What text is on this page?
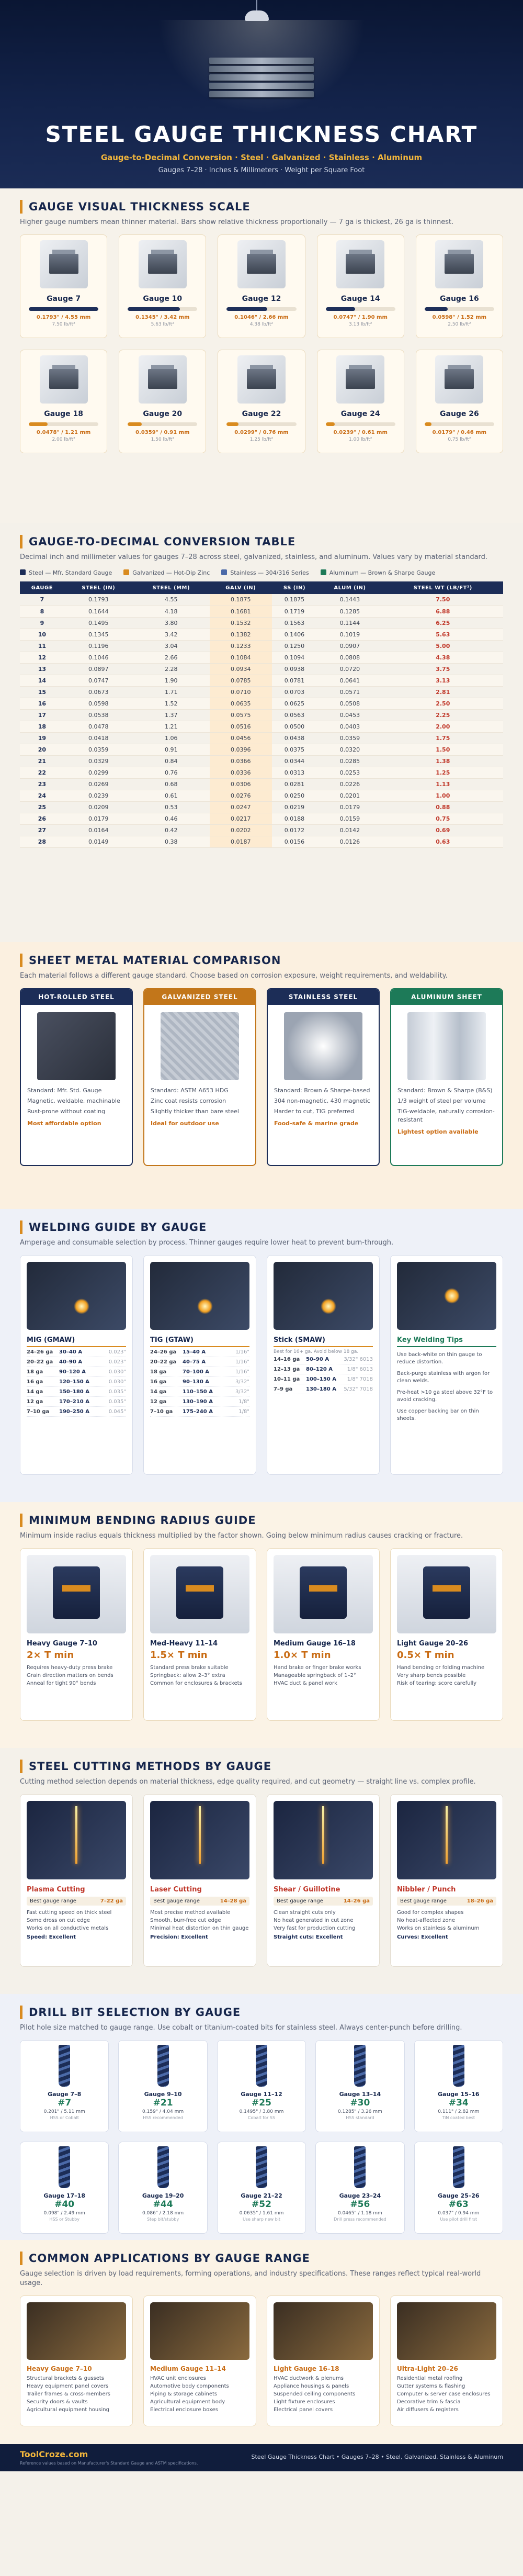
STEEL GAUGE THICKNESS CHART
Gauge-to-Decimal Conversion · Steel · Galvanized · Stainless · Aluminum
Gauges 7–28 · Inches & Millimeters · Weight per Square Foot
GAUGE VISUAL THICKNESS SCALE
Higher gauge numbers mean thinner material. Bars show relative thickness proportionally — 7 ga is thickest, 26 ga is thinnest.
Gauge 7
0.1793" / 4.55 mm
7.50 lb/ft²
Gauge 10
0.1345" / 3.42 mm
5.63 lb/ft²
Gauge 12
0.1046" / 2.66 mm
4.38 lb/ft²
Gauge 14
0.0747" / 1.90 mm
3.13 lb/ft²
Gauge 16
0.0598" / 1.52 mm
2.50 lb/ft²
Gauge 18
0.0478" / 1.21 mm
2.00 lb/ft²
Gauge 20
0.0359" / 0.91 mm
1.50 lb/ft²
Gauge 22
0.0299" / 0.76 mm
1.25 lb/ft²
Gauge 24
0.0239" / 0.61 mm
1.00 lb/ft²
Gauge 26
0.0179" / 0.46 mm
0.75 lb/ft²
GAUGE-TO-DECIMAL CONVERSION TABLE
Decimal inch and millimeter values for gauges 7–28 across steel, galvanized, stainless, and aluminum. Values vary by material standard.
Steel — Mfr. Standard Gauge	Galvanized — Hot-Dip Zinc	Stainless — 304/316 Series	Aluminum — Brown & Sharpe Gauge
GAUGE	STEEL (IN)	STEEL (MM)	GALV (IN)	SS (IN)	ALUM (IN)	STEEL WT (LB/FT²)
7	0.1793	4.55	0.1875	0.1875	0.1443	7.50
8	0.1644	4.18	0.1681	0.1719	0.1285	6.88
9	0.1495	3.80	0.1532	0.1563	0.1144	6.25
10	0.1345	3.42	0.1382	0.1406	0.1019	5.63
11	0.1196	3.04	0.1233	0.1250	0.0907	5.00
12	0.1046	2.66	0.1084	0.1094	0.0808	4.38
13	0.0897	2.28	0.0934	0.0938	0.0720	3.75
14	0.0747	1.90	0.0785	0.0781	0.0641	3.13
15	0.0673	1.71	0.0710	0.0703	0.0571	2.81
16	0.0598	1.52	0.0635	0.0625	0.0508	2.50
17	0.0538	1.37	0.0575	0.0563	0.0453	2.25
18	0.0478	1.21	0.0516	0.0500	0.0403	2.00
19	0.0418	1.06	0.0456	0.0438	0.0359	1.75
20	0.0359	0.91	0.0396	0.0375	0.0320	1.50
21	0.0329	0.84	0.0366	0.0344	0.0285	1.38
22	0.0299	0.76	0.0336	0.0313	0.0253	1.25
23	0.0269	0.68	0.0306	0.0281	0.0226	1.13
24	0.0239	0.61	0.0276	0.0250	0.0201	1.00
25	0.0209	0.53	0.0247	0.0219	0.0179	0.88
26	0.0179	0.46	0.0217	0.0188	0.0159	0.75
27	0.0164	0.42	0.0202	0.0172	0.0142	0.69
28	0.0149	0.38	0.0187	0.0156	0.0126	0.63
SHEET METAL MATERIAL COMPARISON
Each material follows a different gauge standard. Choose based on corrosion exposure, weight requirements, and weldability.
HOT-ROLLED STEEL
Standard: Mfr. Std. Gauge
Magnetic, weldable, machinable
Rust-prone without coating
Most affordable option
GALVANIZED STEEL
Standard: ASTM A653 HDG
Zinc coat resists corrosion
Slightly thicker than bare steel
Ideal for outdoor use
STAINLESS STEEL
Standard: Brown & Sharpe-based
304 non-magnetic, 430 magnetic
Harder to cut, TIG preferred
Food-safe & marine grade
ALUMINUM SHEET
Standard: Brown & Sharpe (B&S)
1/3 weight of steel per volume
TIG-weldable, naturally corrosion-resistant
Lightest option available
WELDING GUIDE BY GAUGE
Amperage and consumable selection by process. Thinner gauges require lower heat to prevent burn-through.
MIG (GMAW)
24–26 ga	30–40 A	0.023"
20–22 ga	40–90 A	0.023"
18 ga	90–120 A	0.030"
16 ga	120–150 A	0.030"
14 ga	150–180 A	0.035"
12 ga	170–210 A	0.035"
7–10 ga	190–250 A	0.045"
TIG (GTAW)
24–26 ga	15–40 A	1/16"
20–22 ga	40–75 A	1/16"
18 ga	70–100 A	1/16"
16 ga	90–130 A	3/32"
14 ga	110–150 A	3/32"
12 ga	130–190 A	1/8"
7–10 ga	175–240 A	1/8"
Stick (SMAW)
Best for 16+ ga. Avoid below 18 ga.
14–16 ga	50–90 A	3/32" 6013
12–13 ga	80–120 A	1/8" 6013
10–11 ga	100–150 A	1/8" 7018
7–9 ga	130–180 A	5/32" 7018
Key Welding Tips
Use back-white on thin gauge to reduce distortion.
Back-purge stainless with argon for clean welds.
Pre-heat >10 ga steel above 32°F to avoid cracking.
Use copper backing bar on thin sheets.
MINIMUM BENDING RADIUS GUIDE
Minimum inside radius equals thickness multiplied by the factor shown. Going below minimum radius causes cracking or fracture.
Heavy Gauge 7–10
2× T min
Requires heavy-duty press brake
Grain direction matters on bends
Anneal for tight 90° bends
Med-Heavy 11–14
1.5× T min
Standard press brake suitable
Springback: allow 2–3° extra
Common for enclosures & brackets
Medium Gauge 16–18
1.0× T min
Hand brake or finger brake works
Manageable springback of 1–2°
HVAC duct & panel work
Light Gauge 20–26
0.5× T min
Hand bending or folding machine
Very sharp bends possible
Risk of tearing: score carefully
STEEL CUTTING METHODS BY GAUGE
Cutting method selection depends on material thickness, edge quality required, and cut geometry — straight line vs. complex profile.
Plasma Cutting
Best gauge range	7–22 ga
Fast cutting speed on thick steel
Some dross on cut edge
Works on all conductive metals
Speed: Excellent
Laser Cutting
Best gauge range	14–28 ga
Most precise method available
Smooth, burr-free cut edge
Minimal heat distortion on thin gauge
Precision: Excellent
Shear / Guillotine
Best gauge range	14–26 ga
Clean straight cuts only
No heat generated in cut zone
Very fast for production cutting
Straight cuts: Excellent
Nibbler / Punch
Best gauge range	18–26 ga
Good for complex shapes
No heat-affected zone
Works on stainless & aluminum
Curves: Excellent
DRILL BIT SELECTION BY GAUGE
Pilot hole size matched to gauge range. Use cobalt or titanium-coated bits for stainless steel. Always center-punch before drilling.
Gauge 7–8
#7
0.201" / 5.11 mm
HSS or Cobalt
Gauge 9–10
#21
0.159" / 4.04 mm
HSS recommended
Gauge 11–12
#25
0.1495" / 3.80 mm
Cobalt for SS
Gauge 13–14
#30
0.1285" / 3.26 mm
HSS standard
Gauge 15–16
#34
0.111" / 2.82 mm
TiN coated best
Gauge 17–18
#40
0.098" / 2.49 mm
HSS or Stubby
Gauge 19–20
#44
0.086" / 2.18 mm
Step bit/stubby
Gauge 21–22
#52
0.0635" / 1.61 mm
Use sharp new bit
Gauge 23–24
#56
0.0465" / 1.18 mm
Drill press recommended
Gauge 25–26
#63
0.037" / 0.94 mm
Use pilot drill first
COMMON APPLICATIONS BY GAUGE RANGE
Gauge selection is driven by load requirements, forming operations, and industry specifications. These ranges reflect typical real-world usage.
Heavy Gauge 7–10
Structural brackets & gussets
Heavy equipment panel covers
Trailer frames & cross-members
Security doors & vaults
Agricultural equipment housing
Medium Gauge 11–14
HVAC unit enclosures
Automotive body components
Piping & storage cabinets
Agricultural equipment body
Electrical enclosure boxes
Light Gauge 16–18
HVAC ductwork & plenums
Appliance housings & panels
Suspended ceiling components
Light fixture enclosures
Electrical panel covers
Ultra-Light 20–26
Residential metal roofing
Gutter systems & flashing
Computer & server case enclosures
Decorative trim & fascia
Air diffusers & registers
ToolCroze.com
Reference values based on Manufacturer's Standard Gauge and ASTM specifications.
Steel Gauge Thickness Chart • Gauges 7–28 • Steel, Galvanized, Stainless & Aluminum
